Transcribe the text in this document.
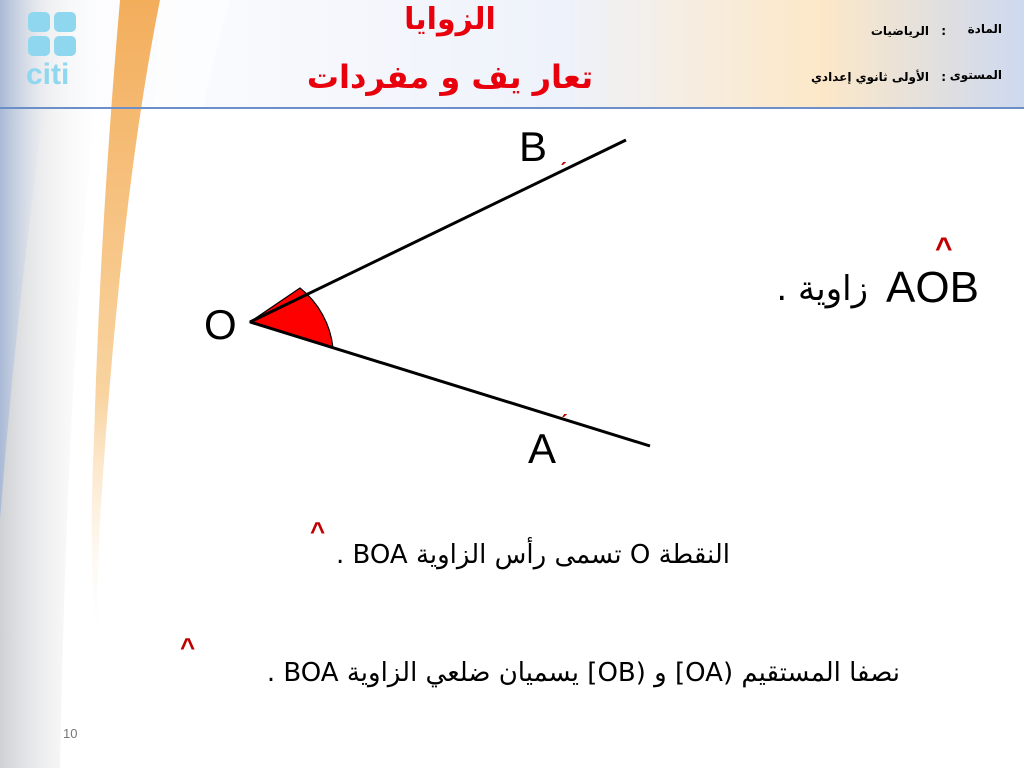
citi
الزوايا
تعار يف و مفردات
المادة
:
الرياضيات
المستوى
:
الأولى ثانوي إعدادي
B
ˊ
O
A
ˊ
^
AOB
زاوية .
^
النقطة O تسمى رأس الزاوية BOA .
^
نصفا المستقيم (OA] و (OB] يسميان ضلعي الزاوية BOA .
10
